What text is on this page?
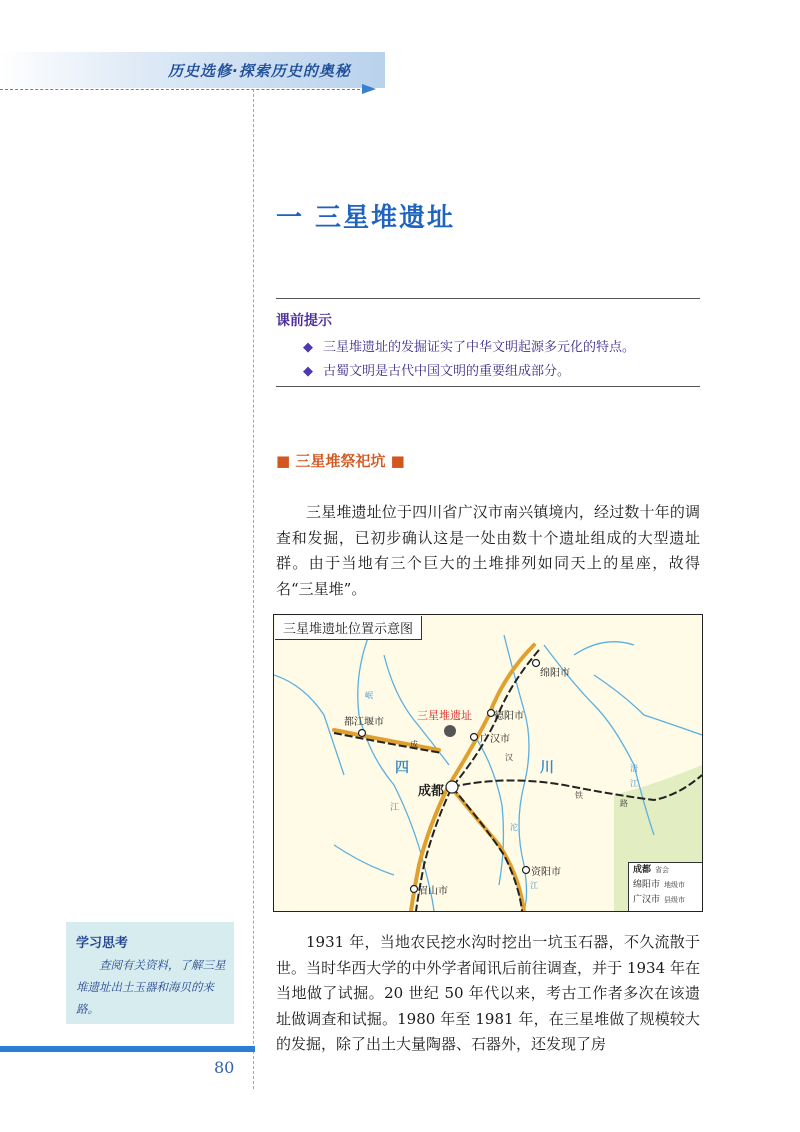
历史选修·探索历史的奥秘
一 三星堆遗址
课前提示
◆ 三星堆遗址的发掘证实了中华文明起源多元化的特点。
◆ 古蜀文明是古代中国文明的重要组成部分。
■ 三星堆祭祀坑 ■

三星堆遗址位于四川省广汉市南兴镇境内，经过数十年的调查和发掘，已初步确认这是一处由数十个遗址组成的大型遗址群。由于当地有三个巨大的土堆排列如同天上的星座，故得名“三星堆”。

三星堆遗址位置示意图
绵阳市
德阳市
都江堰市
广汉市
成都
资阳市
眉山市
三星堆遗址
四	川
成
汉
铁
路
岷
江
沱
江
涪
江
成都 省会
绵阳市 地级市
广汉市 县级市
学习思考

查阅有关资料，了解三星堆遗址出土玉器和海贝的来路。

1931 年，当地农民挖水沟时挖出一坑玉石器，不久流散于世。当时华西大学的中外学者闻讯后前往调查，并于 1934 年在当地做了试掘。20 世纪 50 年代以来，考古工作者多次在该遗址做调查和试掘。1980 年至 1981 年，在三星堆做了规模较大的发掘，除了出土大量陶器、石器外，还发现了房

80
